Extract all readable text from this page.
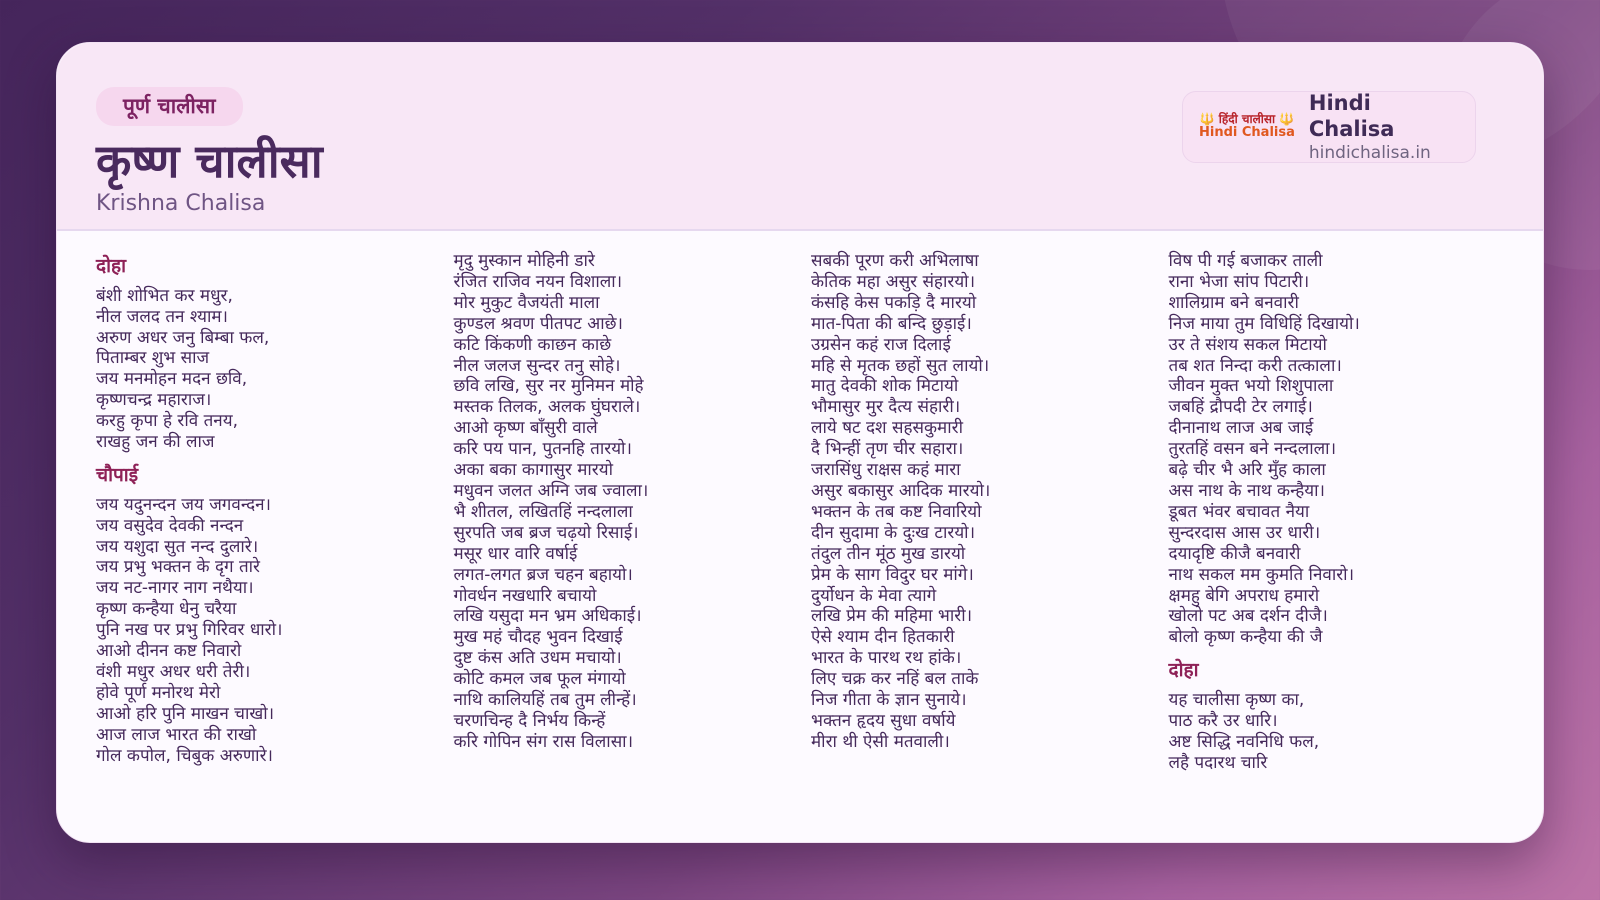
पूर्ण चालीसा
कृष्ण चालीसा
Krishna Chalisa
🔱 हिंदी चालीसा 🔱
Hindi Chalisa
Hindi Chalisa
hindichalisa.in
दोहा
बंशी शोभित कर मधुर,
नील जलद तन श्याम।
अरुण अधर जनु बिम्बा फल,
पिताम्बर शुभ साज
जय मनमोहन मदन छवि,
कृष्णचन्द्र महाराज।
करहु कृपा हे रवि तनय,
राखहु जन की लाज
चौपाई
जय यदुनन्दन जय जगवन्दन।
जय वसुदेव देवकी नन्दन
जय यशुदा सुत नन्द दुलारे।
जय प्रभु भक्तन के दृग तारे
जय नट-नागर नाग नथैया।
कृष्ण कन्हैया धेनु चरैया
पुनि नख पर प्रभु गिरिवर धारो।
आओ दीनन कष्ट निवारो
वंशी मधुर अधर धरी तेरी।
होवे पूर्ण मनोरथ मेरो
आओ हरि पुनि माखन चाखो।
आज लाज भारत की राखो
गोल कपोल, चिबुक अरुणारे।
मृदु मुस्कान मोहिनी डारे
रंजित राजिव नयन विशाला।
मोर मुकुट वैजयंती माला
कुण्डल श्रवण पीतपट आछे।
कटि किंकणी काछन काछे
नील जलज सुन्दर तनु सोहे।
छवि लखि, सुर नर मुनिमन मोहे
मस्तक तिलक, अलक घुंघराले।
आओ कृष्ण बाँसुरी वाले
करि पय पान, पुतनहि तारयो।
अका बका कागासुर मारयो
मधुवन जलत अग्नि जब ज्वाला।
भै शीतल, लखितहिं नन्दलाला
सुरपति जब ब्रज चढ़यो रिसाई।
मसूर धार वारि वर्षाई
लगत-लगत ब्रज चहन बहायो।
गोवर्धन नखधारि बचायो
लखि यसुदा मन भ्रम अधिकाई।
मुख महं चौदह भुवन दिखाई
दुष्ट कंस अति उधम मचायो।
कोटि कमल जब फूल मंगायो
नाथि कालियहिं तब तुम लीन्हें।
चरणचिन्ह दै निर्भय किन्हें
करि गोपिन संग रास विलासा।
सबकी पूरण करी अभिलाषा
केतिक महा असुर संहारयो।
कंसहि केस पकड़ि दै मारयो
मात-पिता की बन्दि छुड़ाई।
उग्रसेन कहं राज दिलाई
महि से मृतक छहों सुत लायो।
मातु देवकी शोक मिटायो
भौमासुर मुर दैत्य संहारी।
लाये षट दश सहसकुमारी
दै भिन्हीं तृण चीर सहारा।
जरासिंधु राक्षस कहं मारा
असुर बकासुर आदिक मारयो।
भक्तन के तब कष्ट निवारियो
दीन सुदामा के दुःख टारयो।
तंदुल तीन मूंठ मुख डारयो
प्रेम के साग विदुर घर मांगे।
दुर्योधन के मेवा त्यागे
लखि प्रेम की महिमा भारी।
ऐसे श्याम दीन हितकारी
भारत के पारथ रथ हांके।
लिए चक्र कर नहिं बल ताके
निज गीता के ज्ञान सुनाये।
भक्तन हृदय सुधा वर्षाये
मीरा थी ऐसी मतवाली।
विष पी गई बजाकर ताली
राना भेजा सांप पिटारी।
शालिग्राम बने बनवारी
निज माया तुम विधिहिं दिखायो।
उर ते संशय सकल मिटायो
तब शत निन्दा करी तत्काला।
जीवन मुक्त भयो शिशुपाला
जबहिं द्रौपदी टेर लगाई।
दीनानाथ लाज अब जाई
तुरतहिं वसन बने नन्दलाला।
बढ़े चीर भै अरि मुँह काला
अस नाथ के नाथ कन्हैया।
डूबत भंवर बचावत नैया
सुन्दरदास आस उर धारी।
दयादृष्टि कीजै बनवारी
नाथ सकल मम कुमति निवारो।
क्षमहु बेगि अपराध हमारो
खोलो पट अब दर्शन दीजै।
बोलो कृष्ण कन्हैया की जै
दोहा
यह चालीसा कृष्ण का,
पाठ करै उर धारि।
अष्ट सिद्धि नवनिधि फल,
लहै पदारथ चारि
